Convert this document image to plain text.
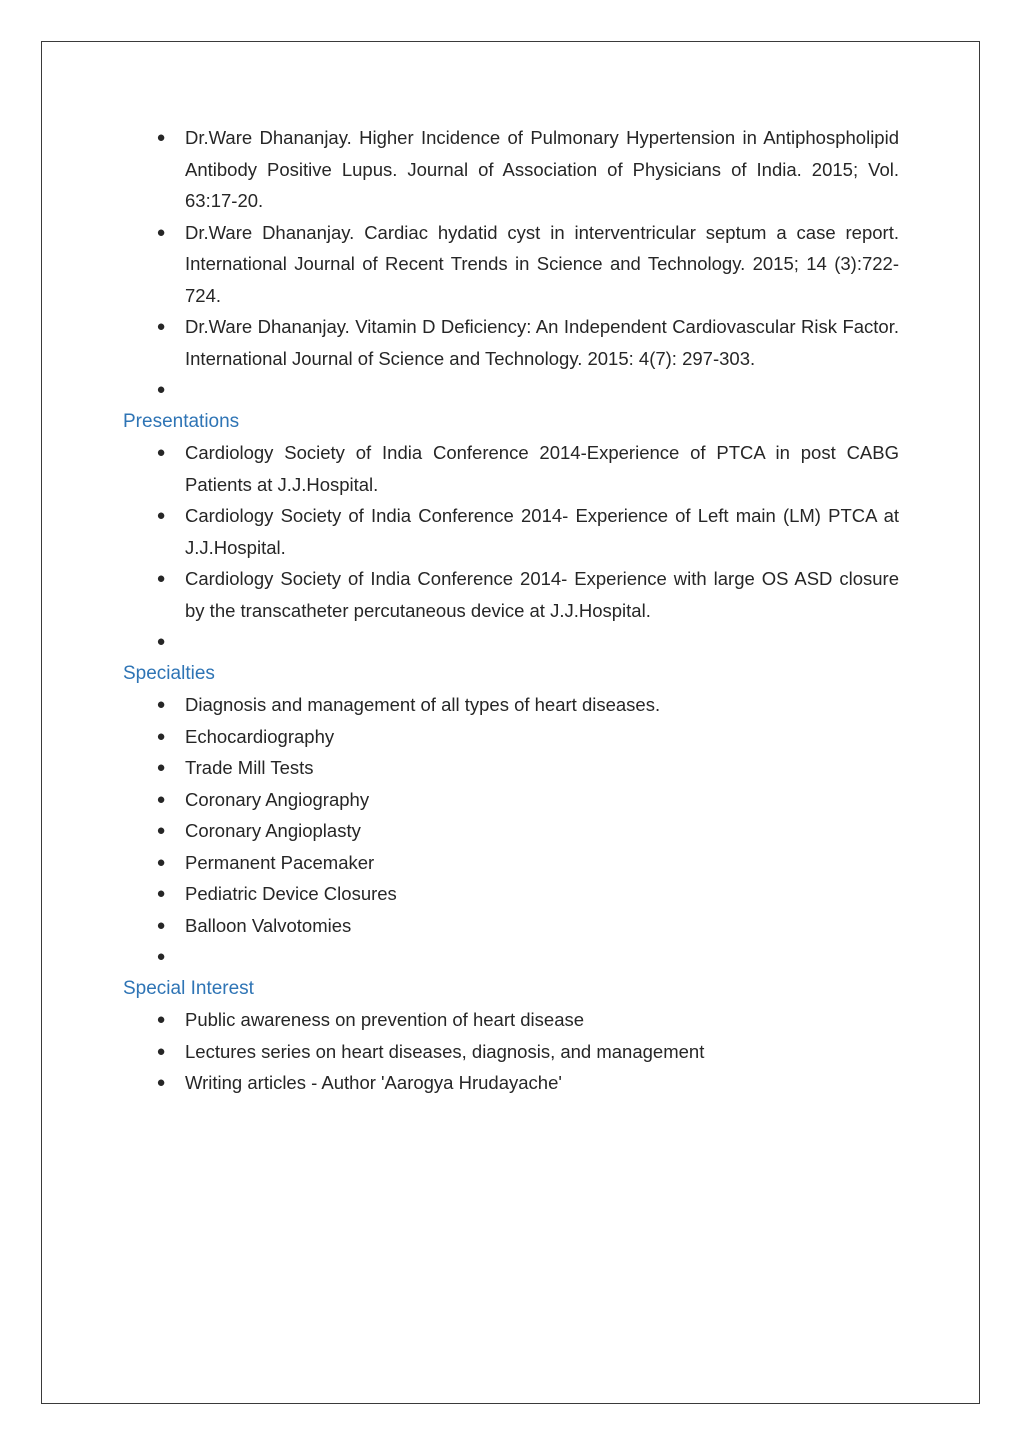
● Dr.Ware Dhananjay. Higher Incidence of Pulmonary Hypertension in Antiphospholipid Antibody Positive Lupus. Journal of Association of Physicians of India. 2015; Vol. 63:17-20.
● Dr.Ware Dhananjay. Cardiac hydatid cyst in interventricular septum a case report. International Journal of Recent Trends in Science and Technology. 2015; 14 (3):722-724.
● Dr.Ware Dhananjay. Vitamin D Deficiency: An Independent Cardiovascular Risk Factor. International Journal of Science and Technology. 2015: 4(7): 297-303.
●
Presentations
● Cardiology Society of India Conference 2014-Experience of PTCA in post CABG Patients at J.J.Hospital.
● Cardiology Society of India Conference 2014- Experience of Left main (LM) PTCA at J.J.Hospital.
● Cardiology Society of India Conference 2014- Experience with large OS ASD closure by the transcatheter percutaneous device at J.J.Hospital.
●
Specialties
● Diagnosis and management of all types of heart diseases.
● Echocardiography
● Trade Mill Tests
● Coronary Angiography
● Coronary Angioplasty
● Permanent Pacemaker
● Pediatric Device Closures
● Balloon Valvotomies
●
Special Interest
● Public awareness on prevention of heart disease
● Lectures series on heart diseases, diagnosis, and management
● Writing articles - Author 'Aarogya Hrudayache'
